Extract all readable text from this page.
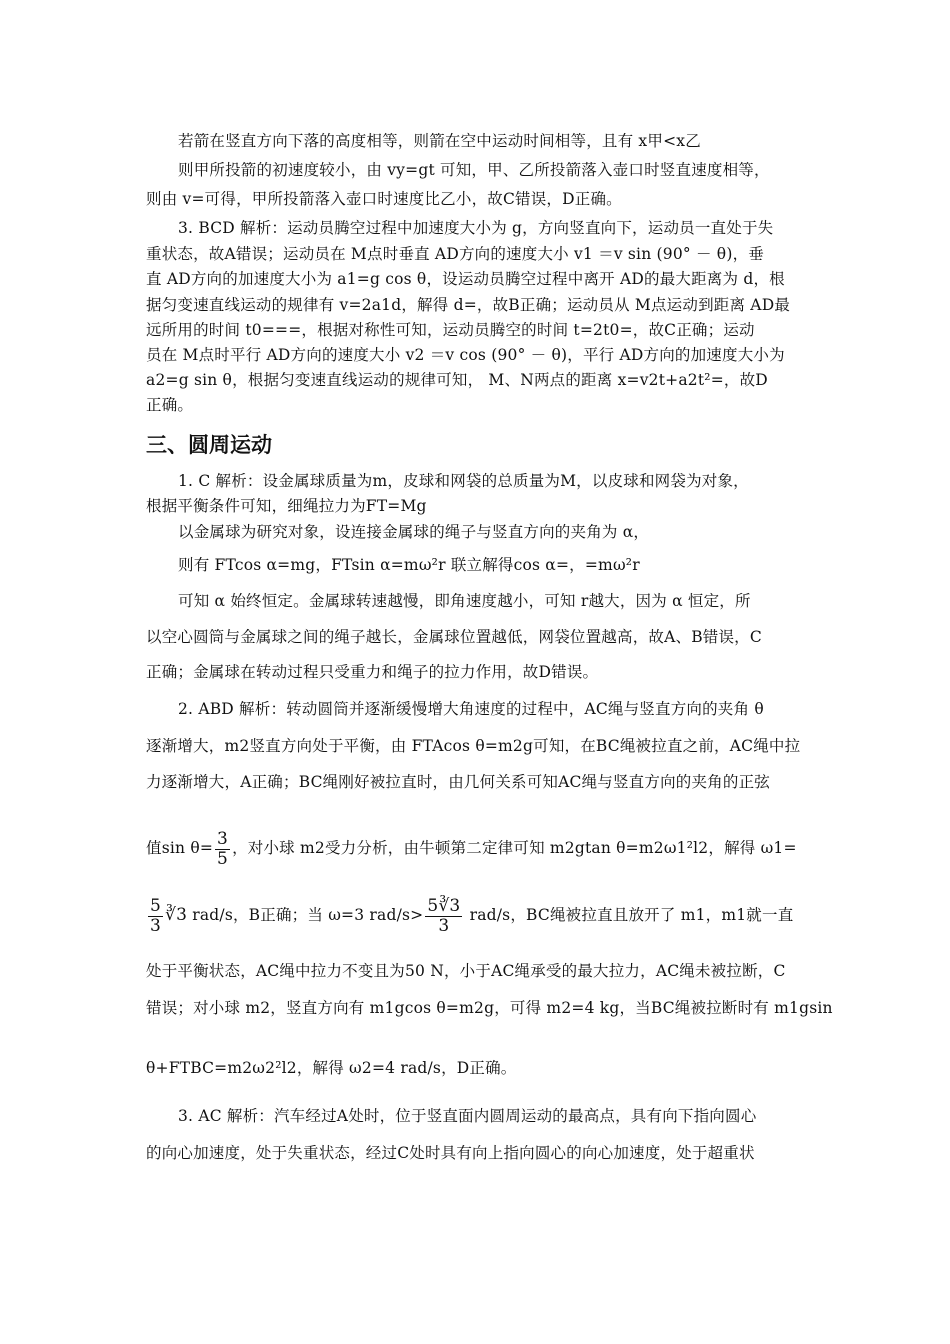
若箭在竖直方向下落的高度相等，则箭在空中运动时间相等，且有 x甲<x乙
则甲所投箭的初速度较小，由 vy=gt 可知，甲、乙所投箭落入壶口时竖直速度相等，
则由 v=可得，甲所投箭落入壶口时速度比乙小，故C错误，D正确。
3. BCD 解析：运动员腾空过程中加速度大小为 g，方向竖直向下，运动员一直处于失
重状态，故A错误；运动员在 M点时垂直 AD方向的速度大小 v1 ＝v sin (90° － θ)，垂
直 AD方向的加速度大小为 a1=g cos θ，设运动员腾空过程中离开 AD的最大距离为 d，根
据匀变速直线运动的规律有 v=2a1d，解得 d=，故B正确；运动员从 M点运动到距离 AD最
远所用的时间 t0===，根据对称性可知，运动员腾空的时间 t=2t0=，故C正确；运动
员在 M点时平行 AD方向的速度大小 v2 ＝v cos (90° － θ)，平行 AD方向的加速度大小为
a2=g sin θ，根据匀变速直线运动的规律可知， M、N两点的距离 x=v2t+a2t²=，故D
正确。
三、圆周运动
1. C 解析：设金属球质量为m，皮球和网袋的总质量为M，以皮球和网袋为对象，
根据平衡条件可知，细绳拉力为FT=Mg
以金属球为研究对象，设连接金属球的绳子与竖直方向的夹角为 α，
则有 FTcos α=mg，FTsin α=mω²r 联立解得cos α=，=mω²r
可知 α 始终恒定。金属球转速越慢，即角速度越小，可知 r越大，因为 α 恒定，所
以空心圆筒与金属球之间的绳子越长，金属球位置越低，网袋位置越高，故A、B错误，C
正确；金属球在转动过程只受重力和绳子的拉力作用，故D错误。
2. ABD 解析：转动圆筒并逐渐缓慢增大角速度的过程中，AC绳与竖直方向的夹角 θ
逐渐增大，m2竖直方向处于平衡，由 FTAcos θ=m2g可知，在BC绳被拉直之前，AC绳中拉
力逐渐增大，A正确；BC绳刚好被拉直时，由几何关系可知AC绳与竖直方向的夹角的正弦
值$\sin \theta= \frac{3}{5}$ ，对小球 m2受力分析，由牛顿第二定律可知 m2gtan θ=m2ω1²l2，解得 ω1=
$\frac{5}{3}$ ∛3 rad/s，B正确；当 ω=3 $rad/s> \frac{5∛3}{3} rad/s$，BC绳被拉直且放开了 m1，m1就一直
处于平衡状态，AC绳中拉力不变且为50 N，小于AC绳承受的最大拉力，AC绳未被拉断，C
错误；对小球 m2，竖直方向有 m1gcos θ=m2g，可得 m2=4 kg，当BC绳被拉断时有 m1gsin
θ+FTBC=m2ω2²l2，解得 ω2=4 rad/s，D正确。
3. AC 解析：汽车经过A处时，位于竖直面内圆周运动的最高点，具有向下指向圆心
的向心加速度，处于失重状态，经过C处时具有向上指向圆心的向心加速度，处于超重状
